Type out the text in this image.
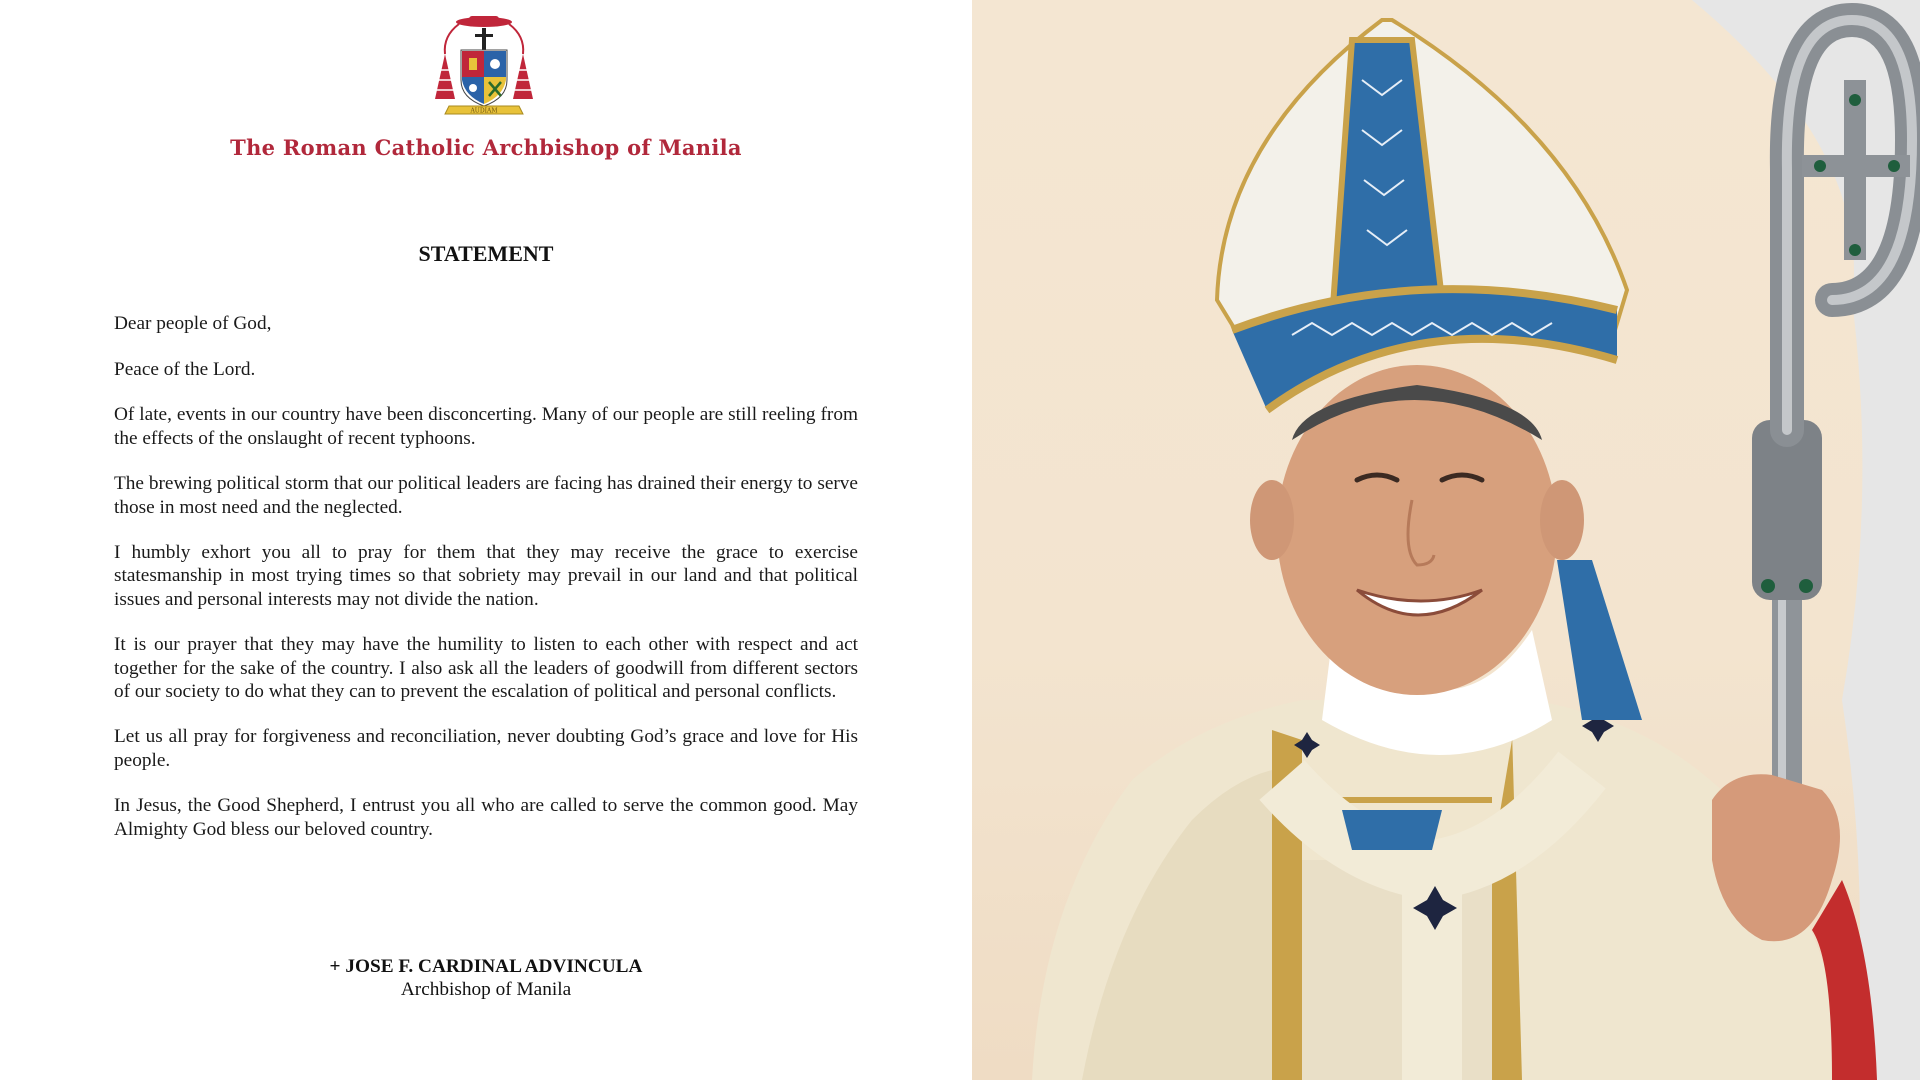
AUDIAM
The Roman Catholic Archbishop of Manila
STATEMENT

Dear people of God,

Peace of the Lord.

Of late, events in our country have been disconcerting. Many of our people are still reeling from the effects of the onslaught of recent typhoons.

The brewing political storm that our political leaders are facing has drained their energy to serve those in most need and the neglected.

I humbly exhort you all to pray for them that they may receive the grace to exercise statesmanship in most trying times so that sobriety may prevail in our land and that political issues and personal interests may not divide the nation.

It is our prayer that they may have the humility to listen to each other with respect and act together for the sake of the country. I also ask all the leaders of goodwill from different sectors of our society to do what they can to prevent the escalation of political and personal conflicts.

Let us all pray for forgiveness and reconciliation, never doubting God’s grace and love for His people.

In Jesus, the Good Shepherd, I entrust you all who are called to serve the common good. May Almighty God bless our beloved country.

+ JOSE F. CARDINAL ADVINCULA
Archbishop of Manila
